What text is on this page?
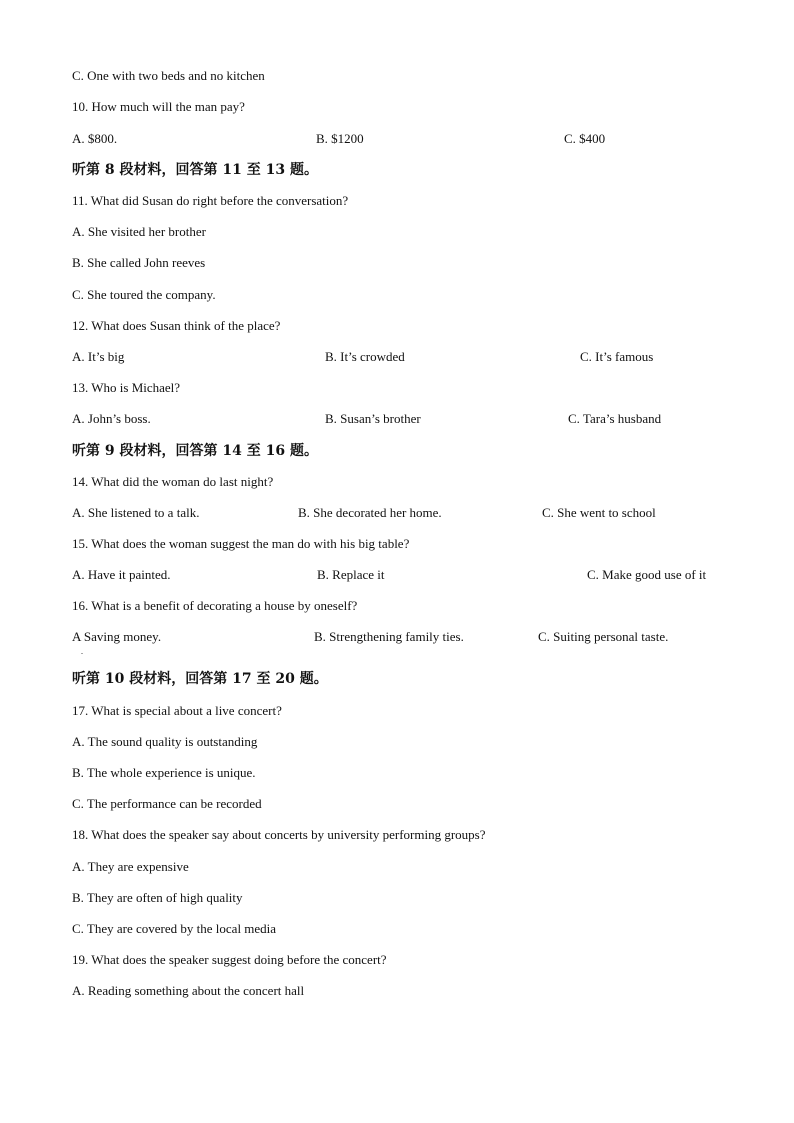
C. One with two beds and no kitchen
10. How much will the man pay?
A. $800.	B. $1200	C. $400
听第 8 段材料，回答第 11 至 13 题。
11. What did Susan do right before the conversation?
A. She visited her brother
B. She called John reeves
C. She toured the company.
12. What does Susan think of the place?
A. It’s big	B. It’s crowded	C. It’s famous
13. Who is Michael?
A. John’s boss.	B. Susan’s brother	C. Tara’s husband
听第 9 段材料，回答第 14 至 16 题。
14. What did the woman do last night?
A. She listened to a talk.	B. She decorated her home.	C. She went to school
15. What does the woman suggest the man do with his big table?
A. Have it painted.	B. Replace it	C. Make good use of it
16. What is a benefit of decorating a house by oneself?
A Saving money.	B. Strengthening family ties.	C. Suiting personal taste.
.
听第 10 段材料，回答第 17 至 20 题。
17. What is special about a live concert?
A. The sound quality is outstanding
B. The whole experience is unique.
C. The performance can be recorded
18. What does the speaker say about concerts by university performing groups?
A. They are expensive
B. They are often of high quality
C. They are covered by the local media
19. What does the speaker suggest doing before the concert?
A. Reading something about the concert hall
